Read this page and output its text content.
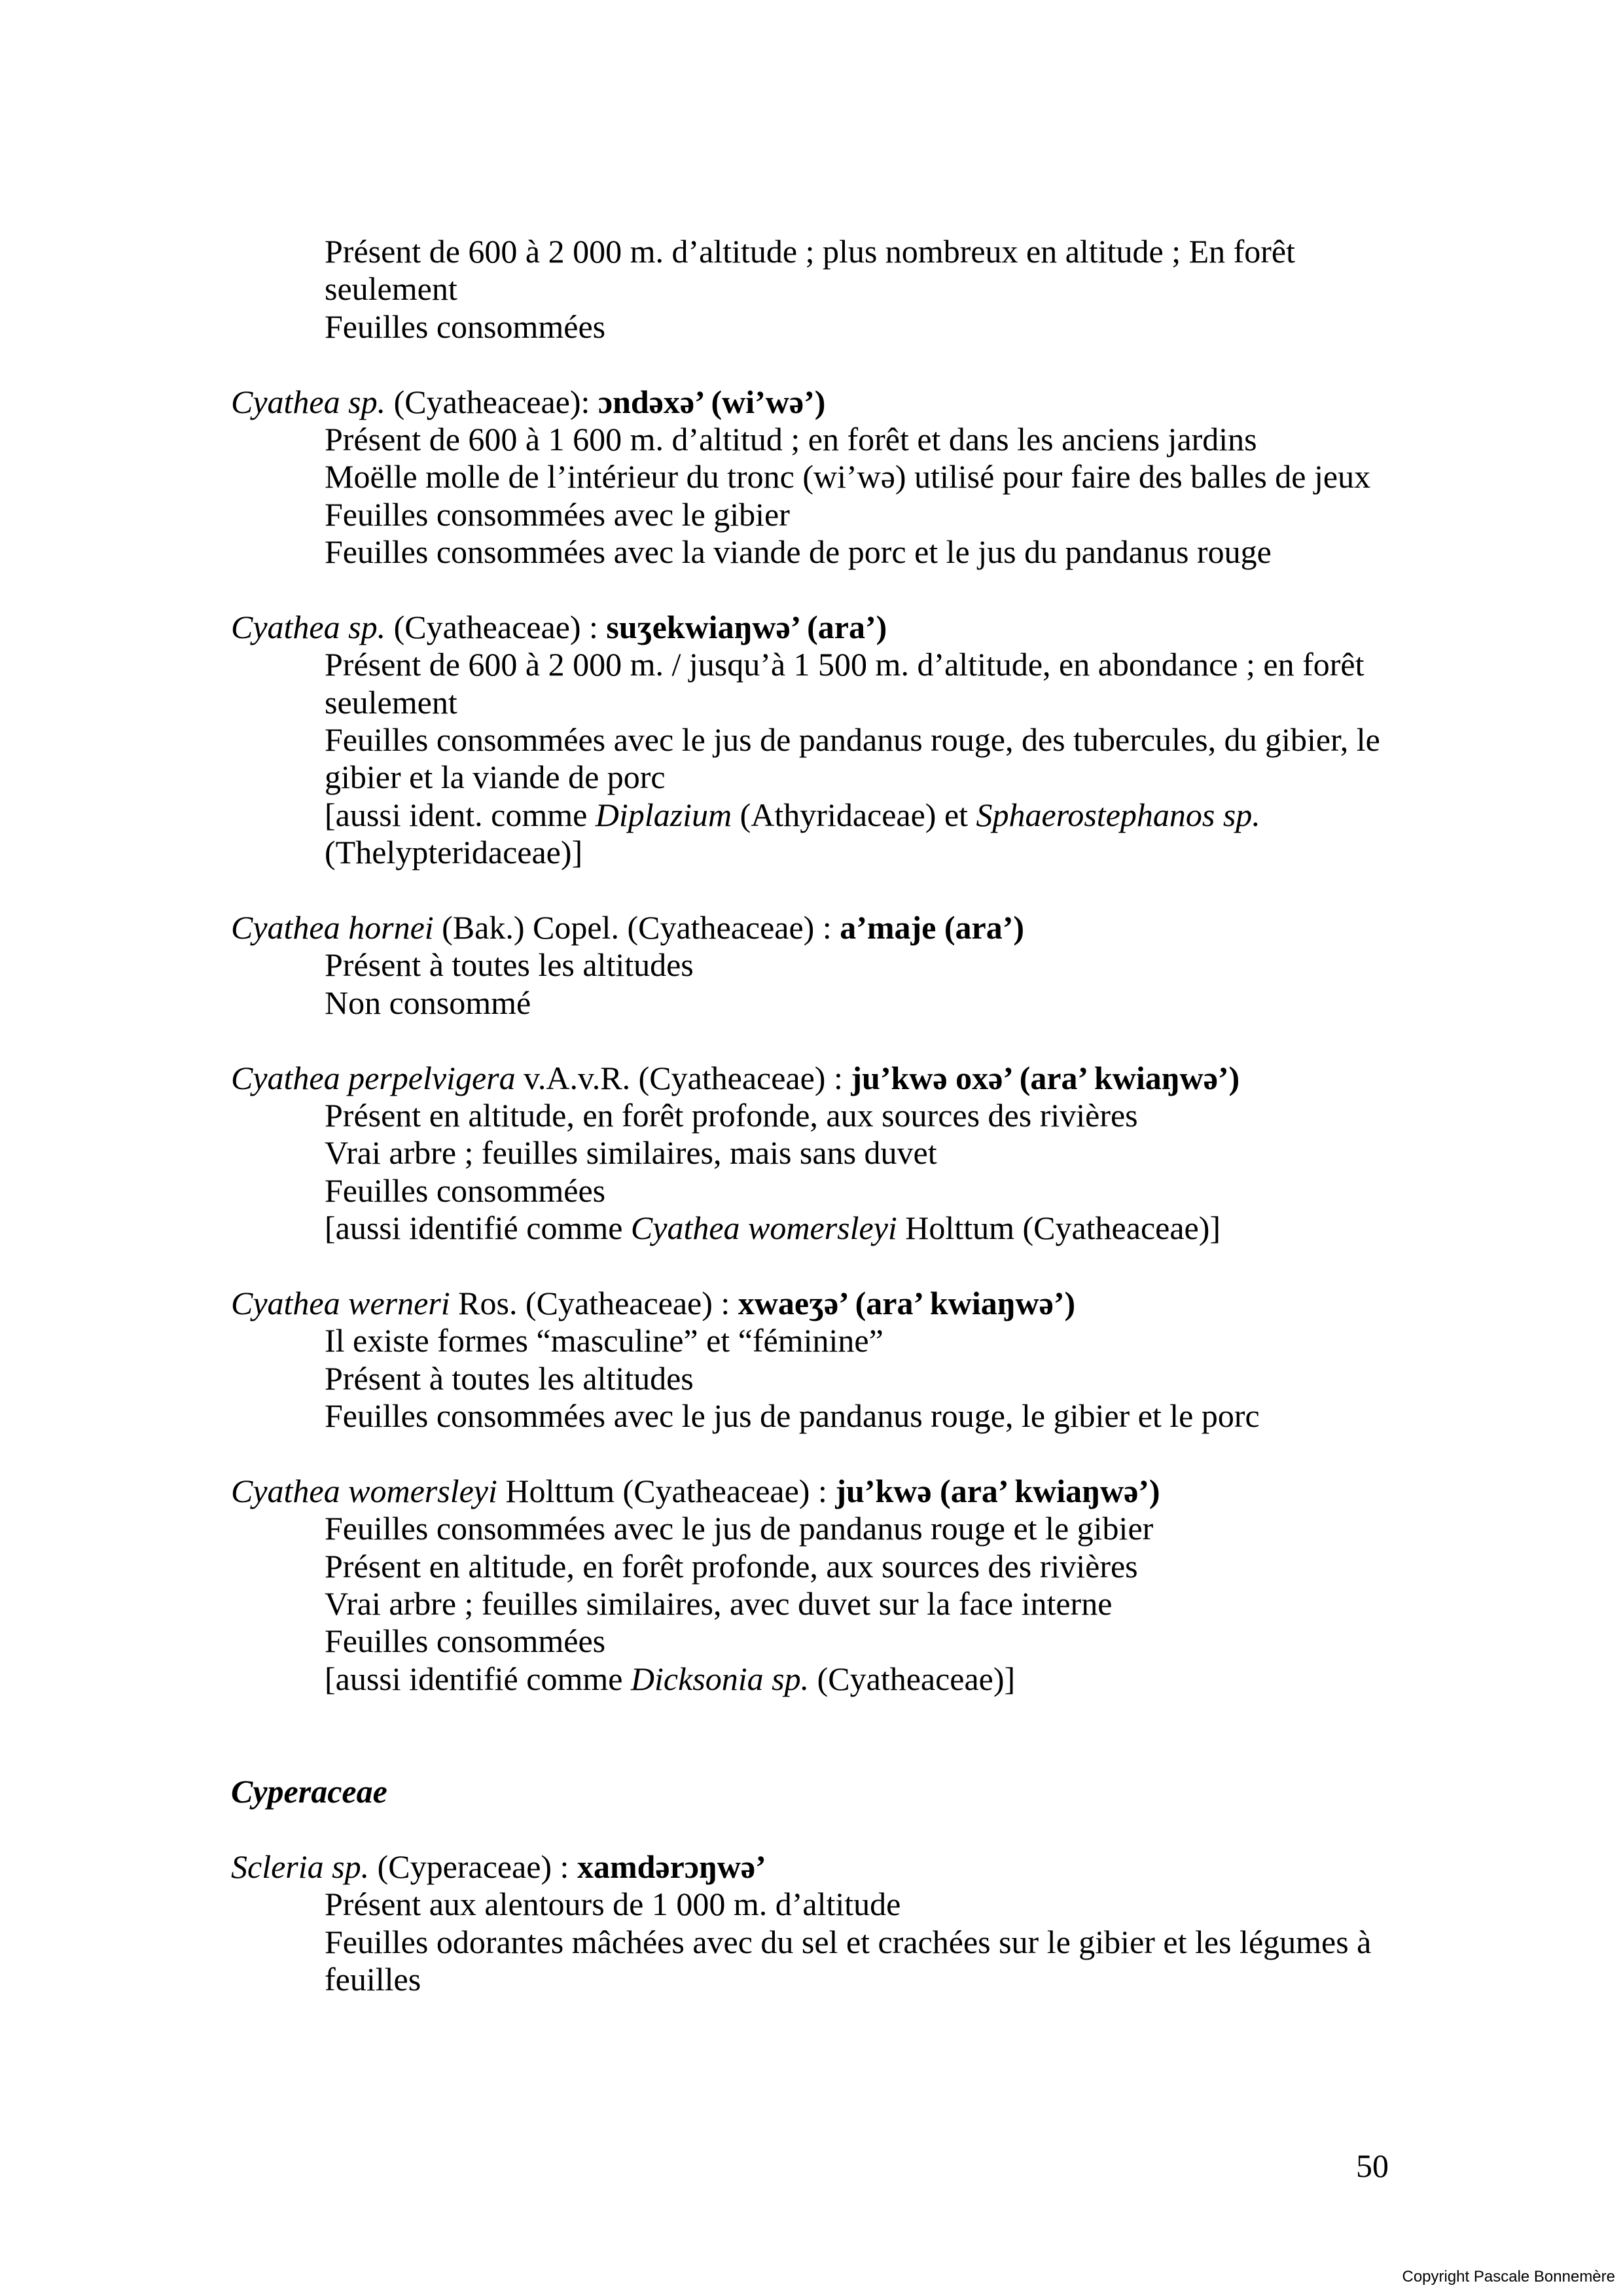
Présent de 600 à 2 000 m. d’altitude ; plus nombreux en altitude ; En forêt
seulement
Feuilles consommées
Cyathea sp. (Cyatheaceae): ɔndəxə’ (wi’wə’)
Présent de 600 à 1 600 m. d’altitud ; en forêt et dans les anciens jardins
Moëlle molle de l’intérieur du tronc (wi’wə) utilisé pour faire des balles de jeux
Feuilles consommées avec le gibier
Feuilles consommées avec la viande de porc et le jus du pandanus rouge
Cyathea sp. (Cyatheaceae) : suʒekwiaŋwə’ (ara’)
Présent de 600 à 2 000 m. / jusqu’à 1 500 m. d’altitude, en abondance ; en forêt
seulement
Feuilles consommées avec le jus de pandanus rouge, des tubercules, du gibier, le
gibier et la viande de porc
[aussi ident. comme Diplazium (Athyridaceae) et Sphaerostephanos sp.
(Thelypteridaceae)]
Cyathea hornei (Bak.) Copel. (Cyatheaceae) : a’maje (ara’)
Présent à toutes les altitudes
Non consommé
Cyathea perpelvigera v.A.v.R. (Cyatheaceae) : ju’kwə oxə’ (ara’ kwiaŋwə’)
Présent en altitude, en forêt profonde, aux sources des rivières
Vrai arbre ; feuilles similaires, mais sans duvet
Feuilles consommées
[aussi identifié comme Cyathea womersleyi Holttum (Cyatheaceae)]
Cyathea werneri Ros. (Cyatheaceae) : xwaeʒə’ (ara’ kwiaŋwə’)
Il existe formes “masculine” et “féminine”
Présent à toutes les altitudes
Feuilles consommées avec le jus de pandanus rouge, le gibier et le porc
Cyathea womersleyi Holttum (Cyatheaceae) : ju’kwə (ara’ kwiaŋwə’)
Feuilles consommées avec le jus de pandanus rouge et le gibier
Présent en altitude, en forêt profonde, aux sources des rivières
Vrai arbre ; feuilles similaires, avec duvet sur la face interne
Feuilles consommées
[aussi identifié comme Dicksonia sp. (Cyatheaceae)]
Cyperaceae
Scleria sp. (Cyperaceae) : xamdərɔŋwə’
Présent aux alentours de 1 000 m. d’altitude
Feuilles odorantes mâchées avec du sel et crachées sur le gibier et les légumes à
feuilles
50
Copyright Pascale Bonnemère
